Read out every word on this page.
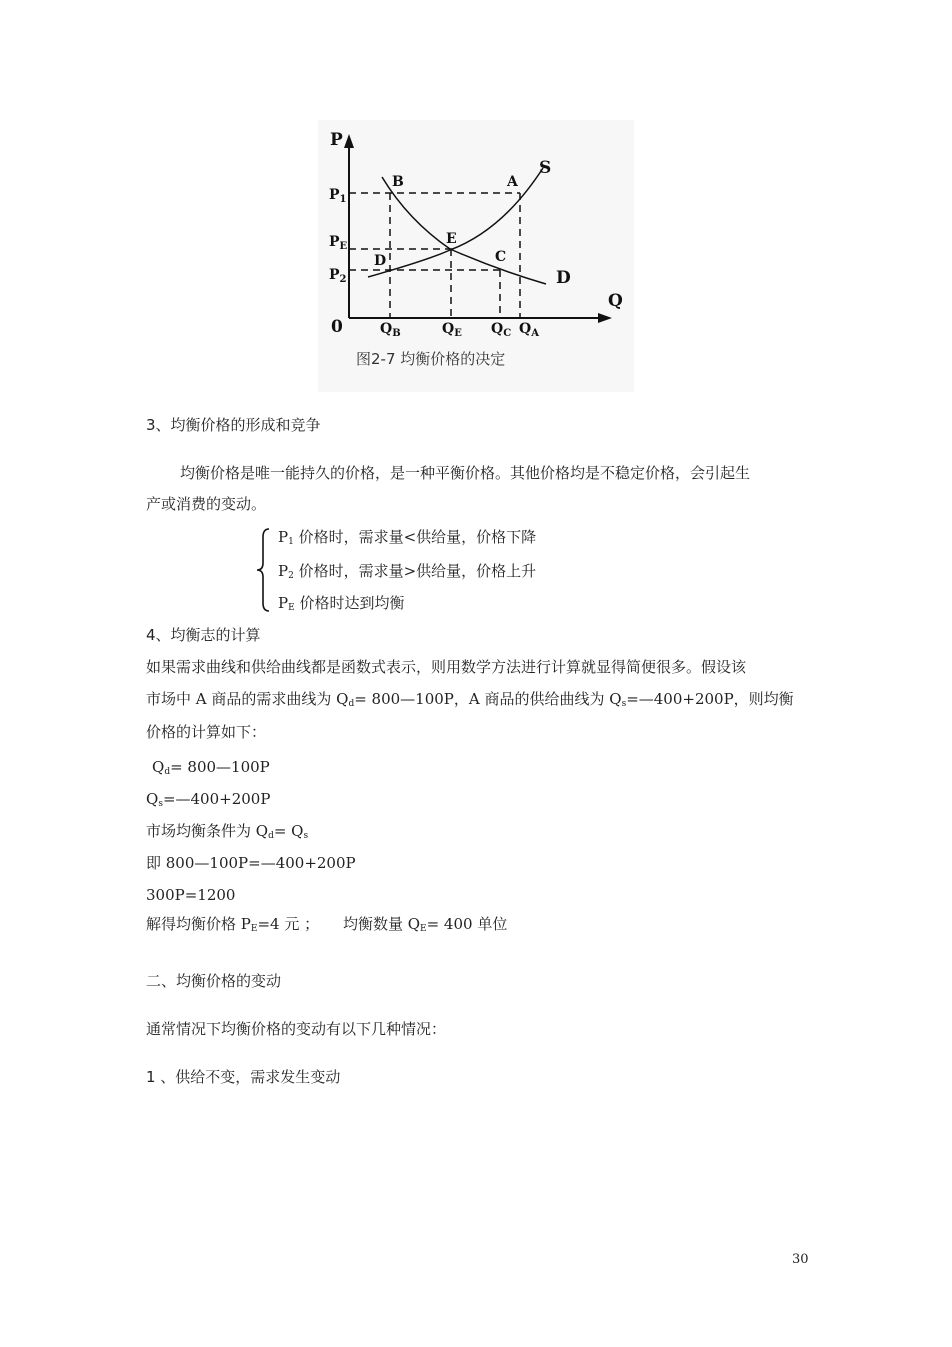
P
Q
0
$P_1$
$P_E$
$P_2$
$Q_B$	$Q_E$ $Q_C$ $Q_A$
B	A
E
C
D
S
D
图2-7 均衡价格的决定
3、均衡价格的形成和竞争
均衡价格是唯一能持久的价格，是一种平衡价格。其他价格均是不稳定价格，会引起生
产或消费的变动。
$P_1$ 价格时，需求量<供给量，价格下降
$P_2$ 价格时，需求量>供给量，价格上升
$P_E$ 价格时达到均衡
4、均衡志的计算
如果需求曲线和供给曲线都是函数式表示，则用数学方法进行计算就显得简便很多。假设该
市场中 A 商品的需求曲线为 $Q_d=$ 800—100P，A 商品的供给曲线为 $Q_s=—400+200P$，则均衡
价格的计算如下：
$Q_d=$ 800—100P
$Q_s=—400+200P$
市场均衡条件为 $Q_d= Q_s$
即 800—100P=—400+200P
300P=1200
解得均衡价格 $P_E=4$ 元 ；     均衡数量 $Q_E= 400$ 单位
二、均衡价格的变动
通常情况下均衡价格的变动有以下几种情况：
1 、供给不变，需求发生变动
30
